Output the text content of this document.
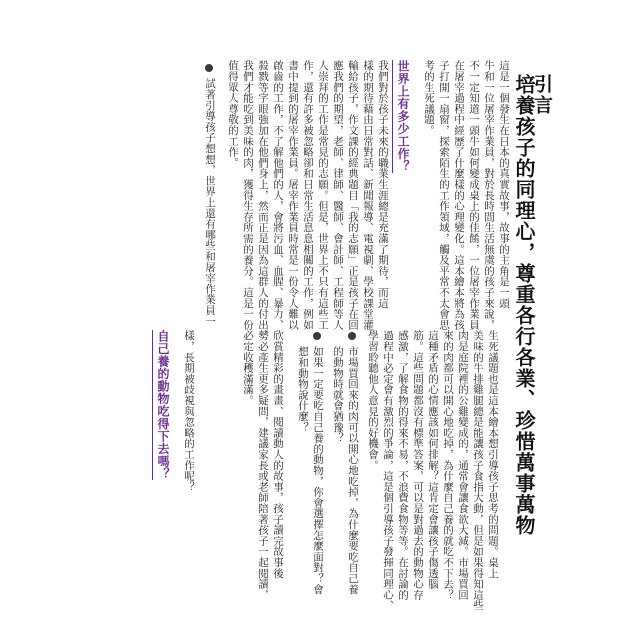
引言
培養孩子的同理心，尊重各行各業、珍惜萬事萬物
這是一個發生在日本的真實故事，故事的主角是一頭
牛和一位屠宰作業員，對於長時間生活無虞的孩子來說，
不一定知道一頭牛如何變成桌上的佳餚，一位屠宰作業員
在屠宰過程中經歷了什麼樣的心理變化。這本繪本將為孩
子打開一扇窗，探索陌生的工作領域，觸及平常不太會思
考的生死議題。
世界上有多少工作？
我們對於孩子未來的職業生涯總是充滿了期待，而這
樣的期待藉由日常對話、新聞報導、電視劇、學校課堂灌
輸給孩子，作文課的經典題目「我的志願」正是孩子在回
應我們的期望，老師、律師、醫師、會計師、工程師等人
人崇拜的工作是常見的志願。但是，世界上不只有這些工
作，還有許多被忽略卻和日常生活息息相關的工作，例如
書中提到的屠宰作業員。屠宰作業員時常是一份令人難以
啟齒的工作，不了解他們的人，會將污血、血腥、暴力、
殺戮等字眼強加在他們身上，然而正是因為這群人的付出，
我們才能吃到美味的肉，獲得生存所需的養分。這是一份
值得眾人尊敬的工作。
試著引導孩子想想，世界上還有哪些和屠宰作業員一
樣，長期被歧視與忽略的工作呢？
自己養的動物吃得下去嗎？	生死議題也是這本繪本想引導孩子思考的問題。桌上
美味的牛排雞腿總是能讓孩子食指大動，但是如果得知這些
肉是庭院裡的公雞變成的，通常會讓食欲大減。市場買回
來的肉都可以開心地吃掉，為什麼自己養的就吃不下去？
這種矛盾的心情應該如何排解？這肯定會讓孩子傷透腦
筋。這些問題都沒有標準答案，可以是對過去的動物心存
感激，了解食物的得來不易，不浪費食物等等。在討論的
過程中必定會有激烈的爭論，這是個引導孩子發揮同理心、
學習聆聽他人意見的好機會。
市場買回來的肉可以開心地吃掉，為什麼要吃自己養
的動物時就會猶豫？
如果一定要吃自己養的動物，你會選擇怎麼面對？會
想和動物說什麼？
欣賞精彩的畫畫、閱讀動人的故事，孩子讀完故事後
勢必產生更多疑問，建議家長或老師陪著孩子一起閱讀，
必定收穫滿滿。
